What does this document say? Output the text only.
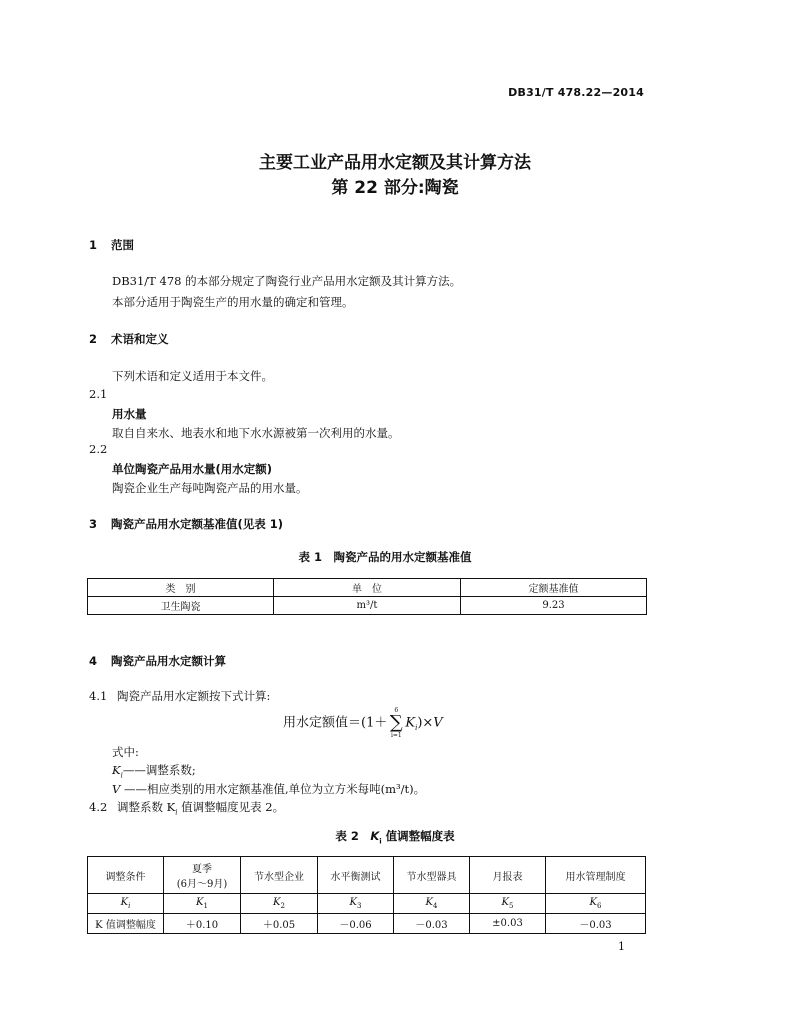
DB31/T 478.22—2014
主要工业产品用水定额及其计算方法
第 22 部分:陶瓷
1 范围
DB31/T 478 的本部分规定了陶瓷行业产品用水定额及其计算方法。
本部分适用于陶瓷生产的用水量的确定和管理。
2 术语和定义
下列术语和定义适用于本文件。
2.1
用水量
取自自来水、地表水和地下水水源被第一次利用的水量。
2.2
单位陶瓷产品用水量(用水定额)
陶瓷企业生产每吨陶瓷产品的用水量。
3 陶瓷产品用水定额基准值(见表 1)
表 1　陶瓷产品的用水定额基准值
类　别	单　位	定额基准值
卫生陶瓷	m³/t	9.23
4 陶瓷产品用水定额计算
4.1 陶瓷产品用水定额按下式计算:
用水定额值＝(1＋
6
∑
i=1
$K_i)\times V$
式中:
$K_i——$调整系数;
V ——相应类别的用水定额基准值,单位为立方米每吨(m³/t)。
4.2 调整系数 $K_i$ 值调整幅度见表 2。
表 2　$K_i$ 值调整幅度表
调整条件	夏季
(6月～9月)	节水型企业	水平衡测试	节水型器具	月报表	用水管理制度
$K_i$	$K_1$	$K_2$	$K_3$	$K_4$	$K_5$	$K_6$
K 值调整幅度	＋0.10	＋0.05	－0.06	－0.03	±0.03	－0.03
1
